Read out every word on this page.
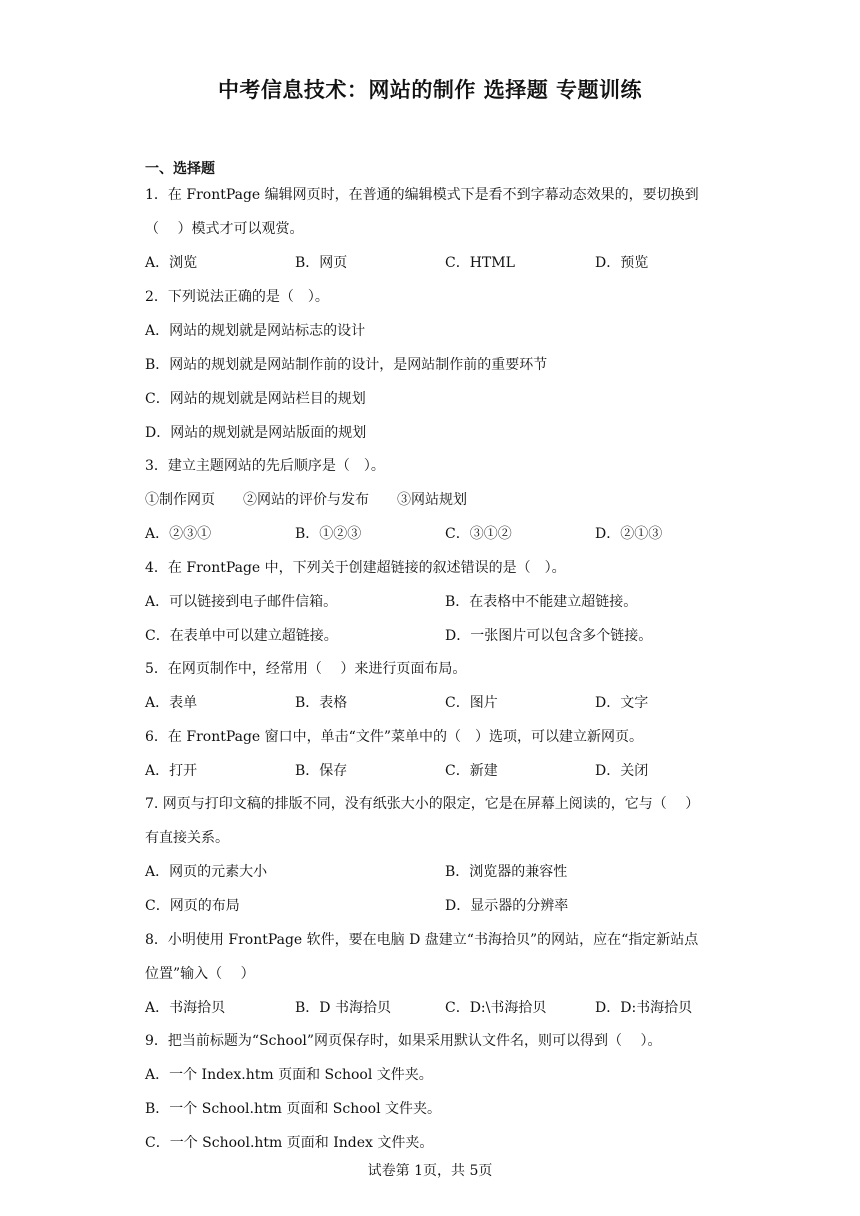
中考信息技术：网站的制作 选择题 专题训练
一、选择题
1．在 FrontPage 编辑网页时，在普通的编辑模式下是看不到字幕动态效果的，要切换到
（　 ）模式才可以观赏。
A．浏览	B．网页	C．HTML	D．预览
2．下列说法正确的是（　）。
A．网站的规划就是网站标志的设计
B．网站的规划就是网站制作前的设计，是网站制作前的重要环节
C．网站的规划就是网站栏目的规划
D．网站的规划就是网站版面的规划
3．建立主题网站的先后顺序是（　）。
①制作网页　　②网站的评价与发布　　③网站规划
A．②③①	B．①②③	C．③①②	D．②①③
4．在 FrontPage 中，下列关于创建超链接的叙述错误的是（　）。
A．可以链接到电子邮件信箱。	B．在表格中不能建立超链接。
C．在表单中可以建立超链接。	D．一张图片可以包含多个链接。
5．在网页制作中，经常用（　 ）来进行页面布局。
A．表单	B．表格	C．图片	D．文字
6．在 FrontPage 窗口中，单击“文件”菜单中的（　）选项，可以建立新网页。
A．打开	B．保存	C．新建	D．关闭
7. 网页与打印文稿的排版不同，没有纸张大小的限定，它是在屏幕上阅读的，它与（　 ）
有直接关系。
A．网页的元素大小	B．浏览器的兼容性
C．网页的布局	D．显示器的分辨率
8．小明使用 FrontPage 软件，要在电脑 D 盘建立“书海拾贝”的网站，应在“指定新站点
位置”输入（　 ）
A．书海拾贝	B．D 书海拾贝	C．D:\书海拾贝	D．D:书海拾贝
9．把当前标题为“School”网页保存时，如果采用默认文件名，则可以得到（　 ）。
A．一个 Index.htm 页面和 School 文件夹。
B．一个 School.htm 页面和 School 文件夹。
C．一个 School.htm 页面和 Index 文件夹。
试卷第 1页，共 5页
